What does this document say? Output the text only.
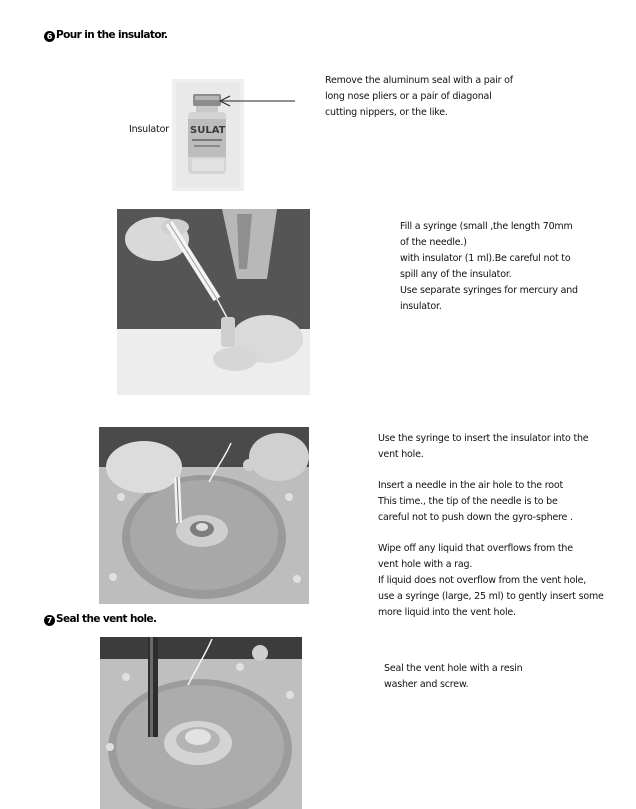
6 Pour in the insulator.
SULAT
Insulator
Remove the aluminum seal with a pair of
long nose pliers or a pair of diagonal
cutting nippers, or the like.
Fill a syringe (small ,the length 70mm
of the needle.)
with insulator (1 ml).Be careful not to
spill any of the insulator.
Use separate syringes for mercury and
insulator.
Use the syringe to insert the insulator into the
vent hole.
Insert a needle in the air hole to the root
This time., the tip of the needle is to be
careful not to push down the gyro-sphere .
Wipe off any liquid that overflows from the
vent hole with a rag.
If liquid does not overflow from the vent hole,
use a syringe (large, 25 ml) to gently insert some
more liquid into the vent hole.
7 Seal the vent hole.
Seal the vent hole with a resin
washer and screw.
